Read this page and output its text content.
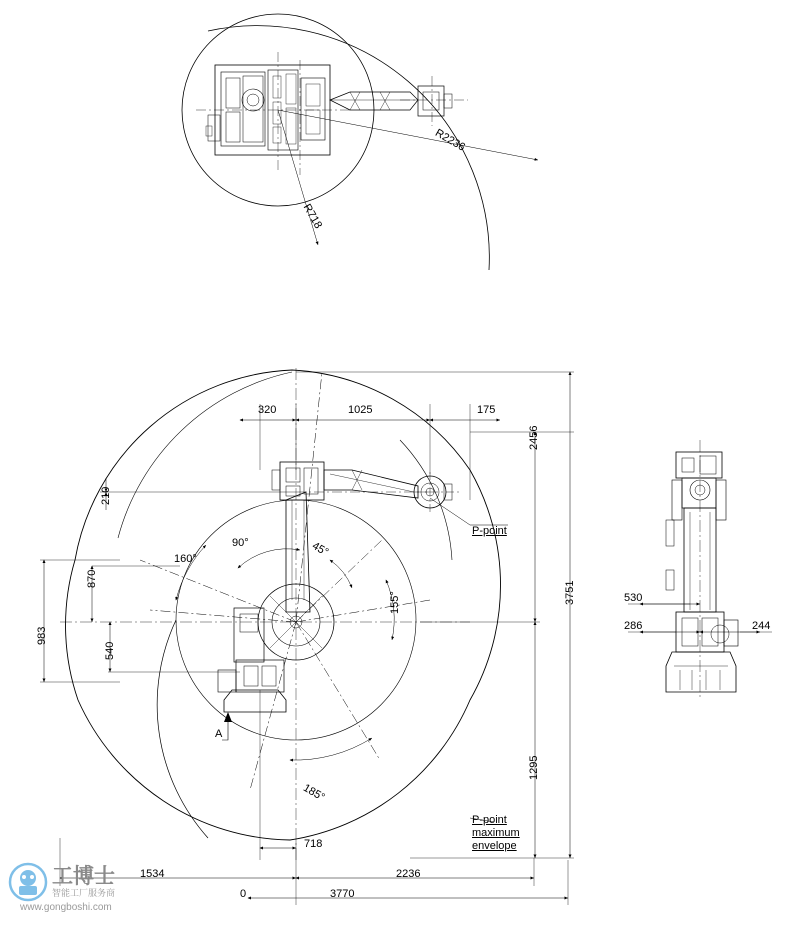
R2236
R718
320	1025	175
2456
3751
1295
210
870
983
540
718
1534	2236
3770
0
160°
90°	45°
155°
185°
P-point
P-point
maximum
envelope
A
530
286	244
工博士
智能工厂服务商
www.gongboshi.com
